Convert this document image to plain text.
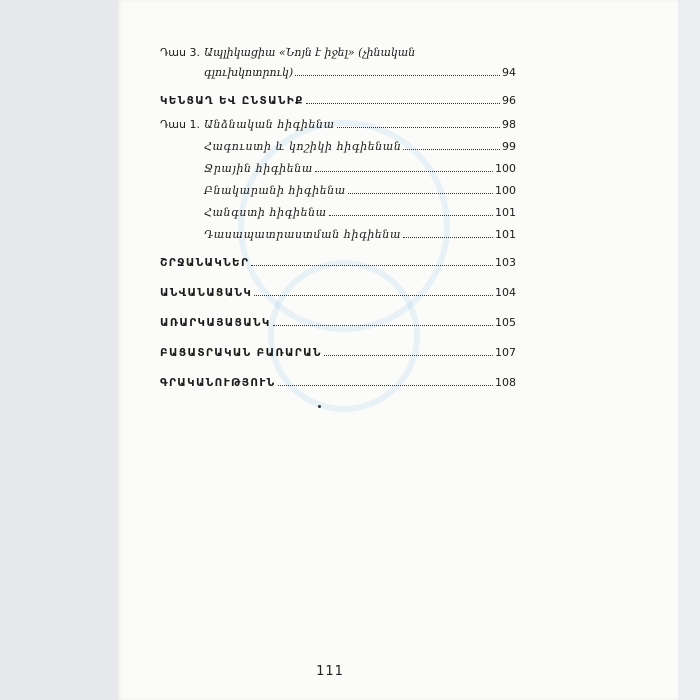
Դաս 3. Ապլիկացիա «Նոյն է իջել» (չինական
գլուխկոտրուկ)	94
ԿԵՆՑԱՂ ԵՎ ԸՆՏԱՆԻՔ	96
Դաս 1. Անձնական հիգիենա	98
Հագուստի և կոշիկի հիգիենան	99
Ջրային հիգիենա	100
Բնակարանի հիգիենա	100
Հանգստի հիգիենա	101
Դասապատրաստման հիգիենա	101
ՇՐՋԱՆԱԿՆԵՐ	103
ԱՆՎԱՆԱՑԱՆԿ	104
ԱՌԱՐԿԱՅԱՑԱՆԿ	105
ԲԱՑԱՏՐԱԿԱՆ ԲԱՌԱՐԱՆ	107
ԳՐԱԿԱՆՈՒԹՅՈՒՆ	108
111
